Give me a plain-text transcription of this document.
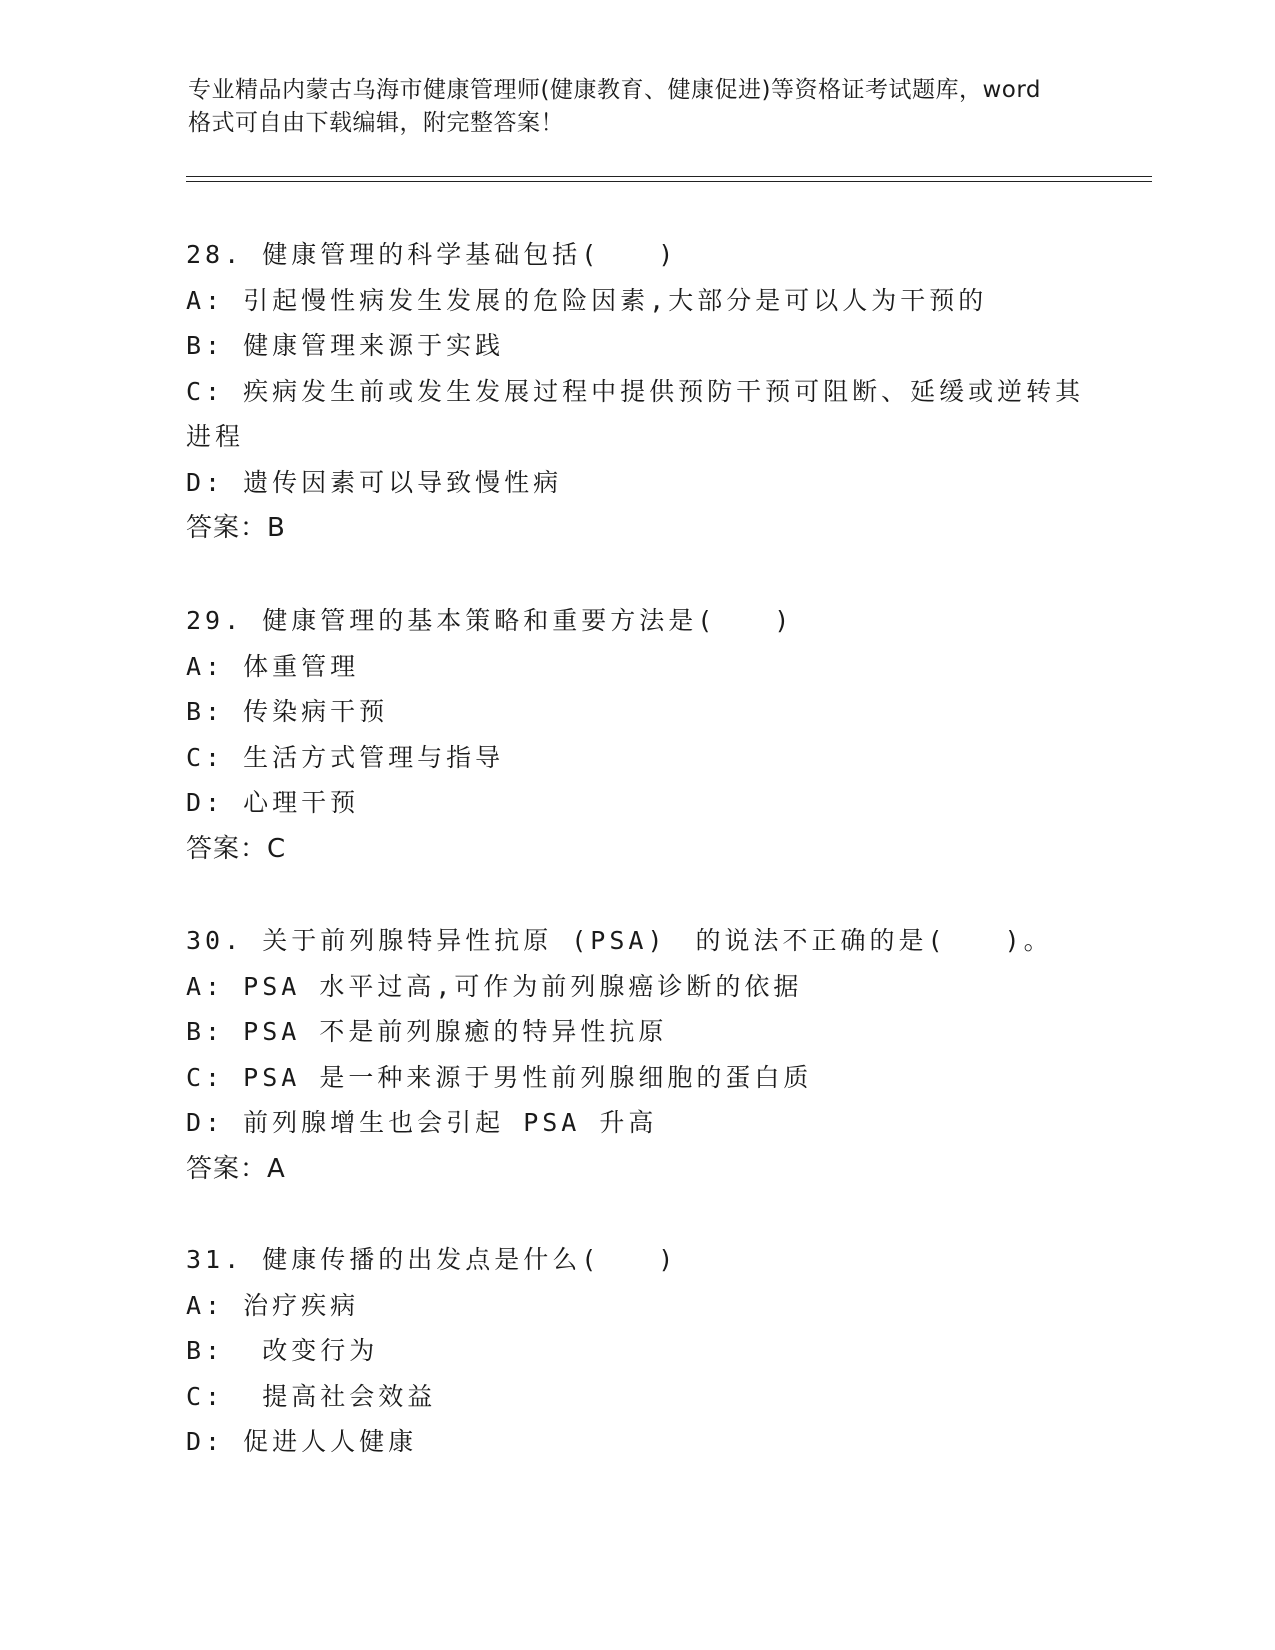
专业精品内蒙古乌海市健康管理师(健康教育、健康促进)等资格证考试题库，word
格式可自由下载编辑，附完整答案！
28. 健康管理的科学基础包括(　　)
A: 引起慢性病发生发展的危险因素,大部分是可以人为干预的
B: 健康管理来源于实践
C: 疾病发生前或发生发展过程中提供预防干预可阻断、延缓或逆转其进程
D: 遗传因素可以导致慢性病
答案：B
29. 健康管理的基本策略和重要方法是(　　)
A: 体重管理
B: 传染病干预
C: 生活方式管理与指导
D: 心理干预
答案：C
30. 关于前列腺特异性抗原 (PSA)　的说法不正确的是(　　)。
A: PSA 水平过高,可作为前列腺癌诊断的依据
B: PSA 不是前列腺癒的特异性抗原
C: PSA 是一种来源于男性前列腺细胞的蛋白质
D: 前列腺增生也会引起 PSA 升高
答案：A
31. 健康传播的出发点是什么(　　)
A: 治疗疾病
B:  改变行为
C:  提高社会效益
D: 促进人人健康
